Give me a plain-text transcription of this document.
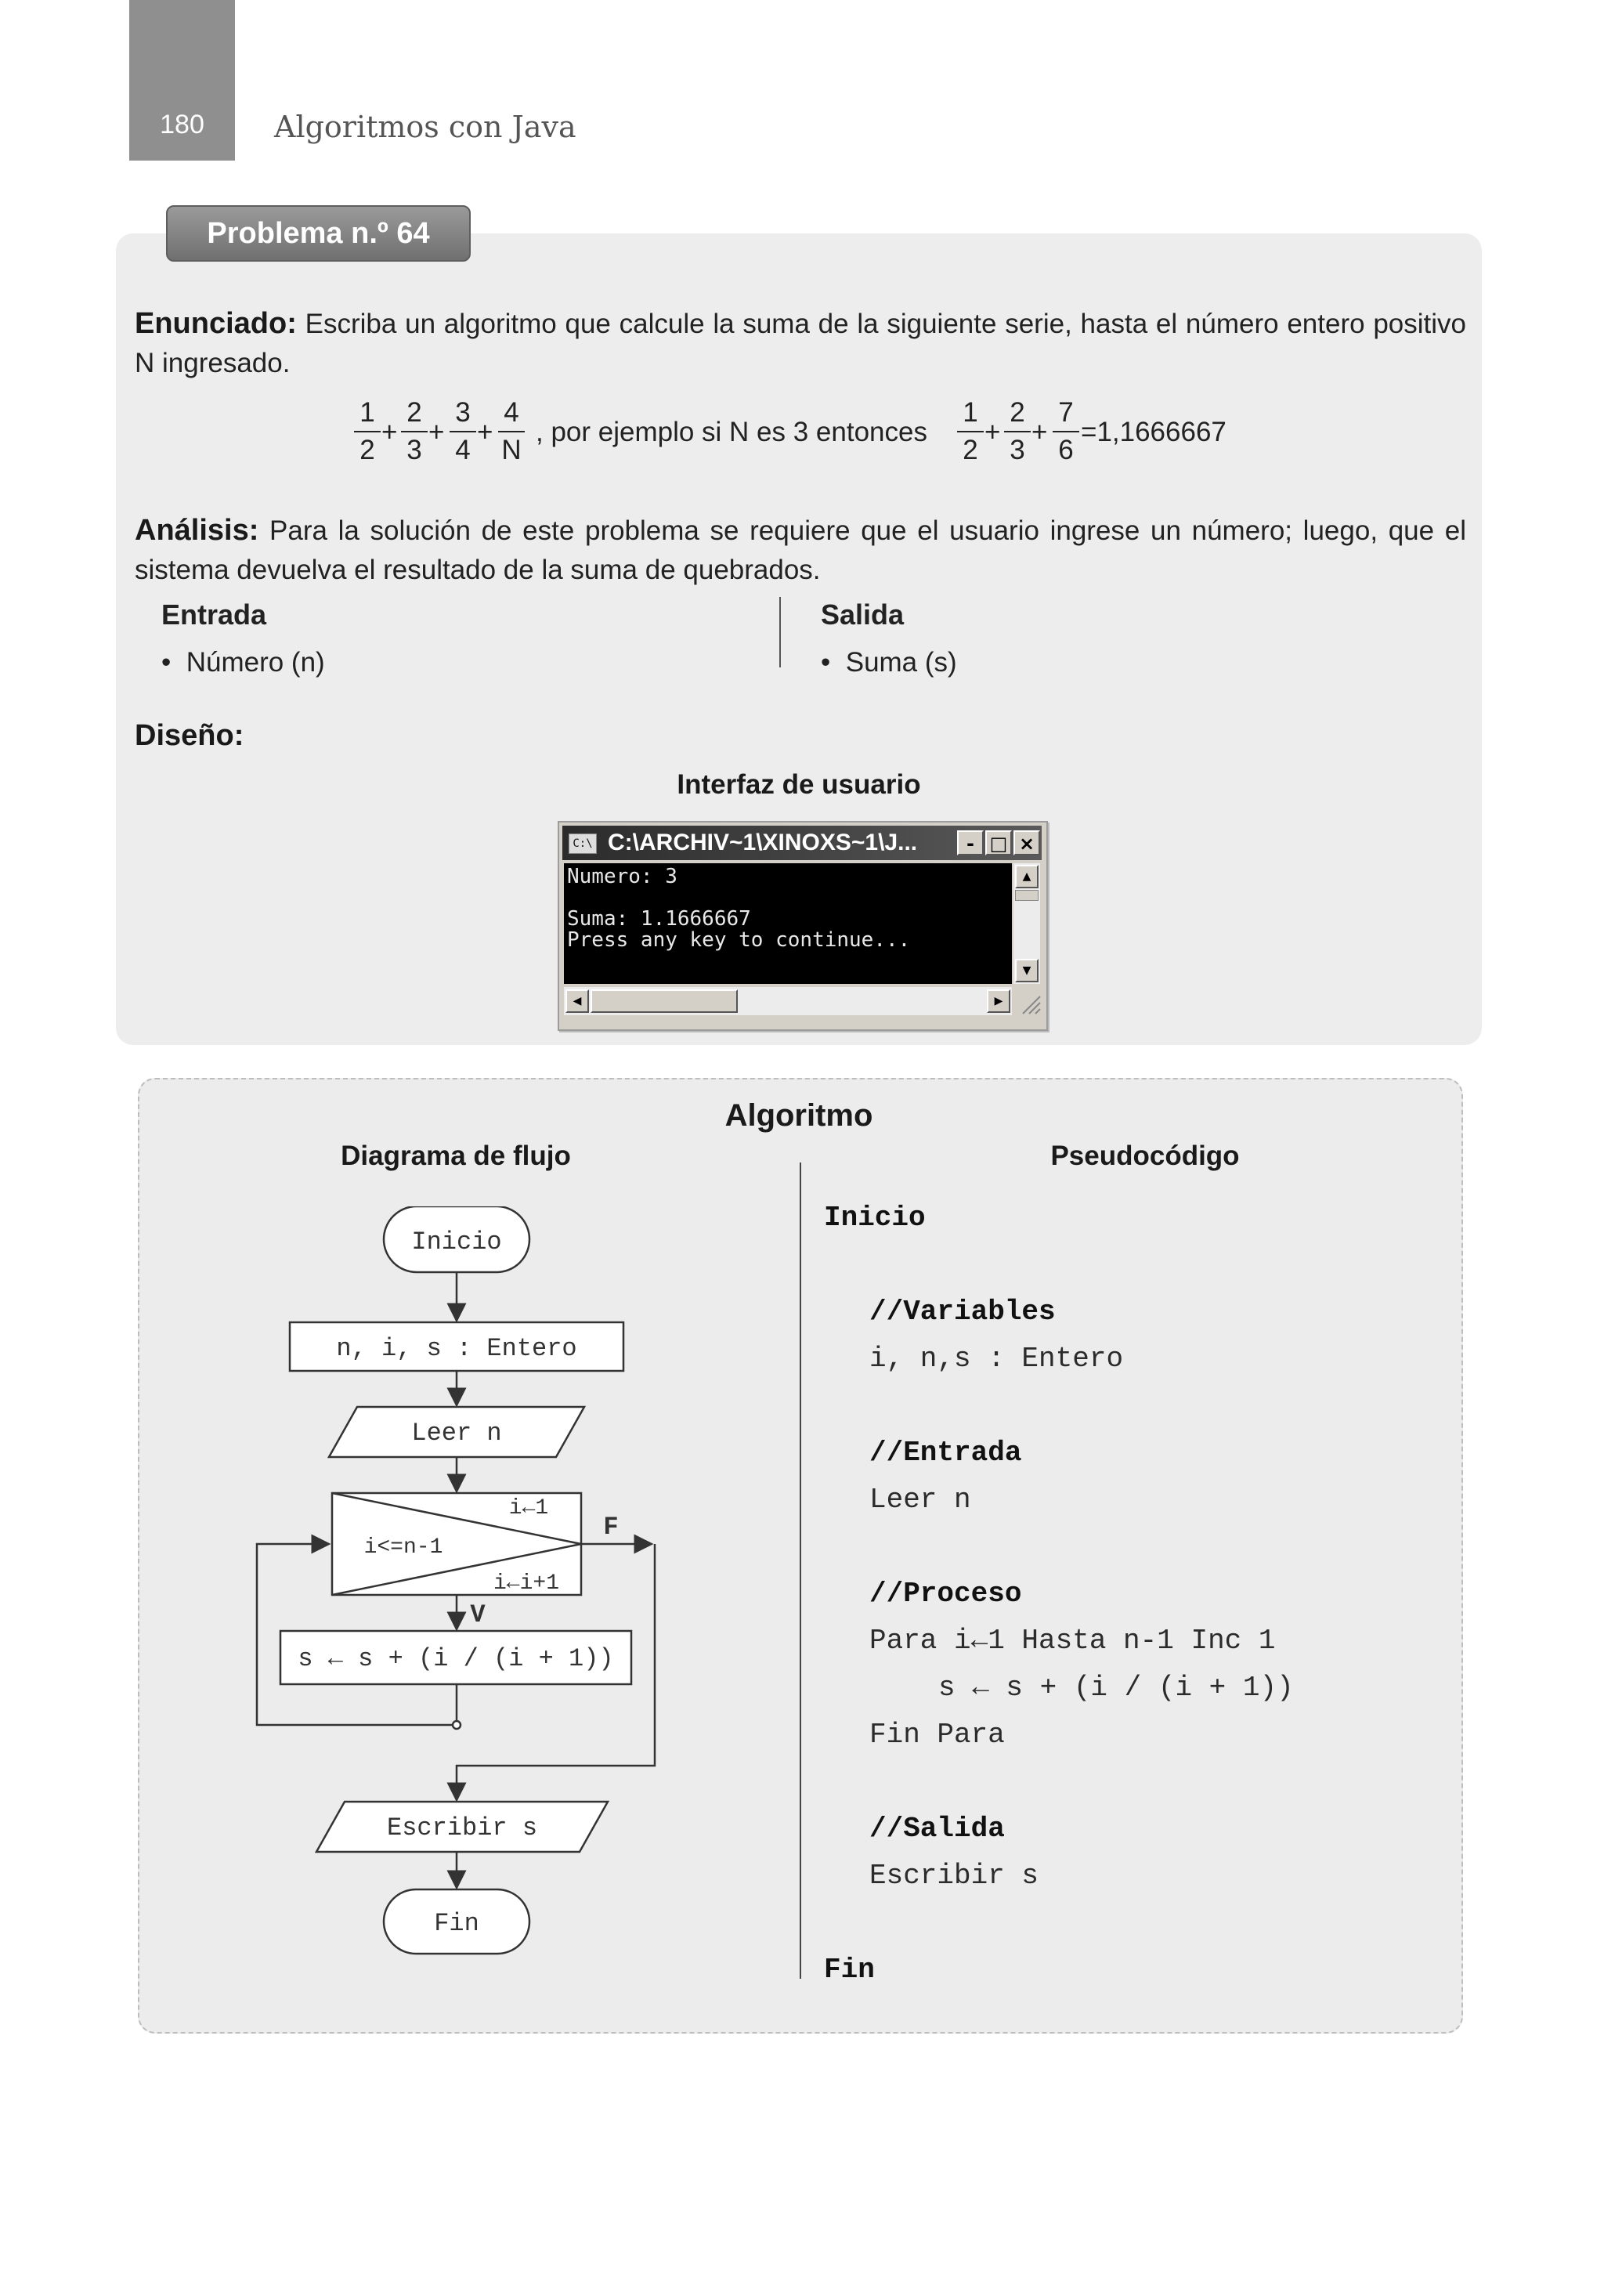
180	Algoritmos con Java
Problema n.º 64
Enunciado: Escriba un algoritmo que calcule la suma de la siguiente serie, hasta el número entero positivo N ingresado.
1
2
+
2
3
+
3
4
+
4
N
, por ejemplo si N es 3 entonces
1
2
+
2
3
+
7
6
=1,1666667
Análisis: Para la solución de este problema se requiere que el usuario ingrese un número; luego, que el sistema devuelva el resultado de la suma de quebrados.
Entrada
• Número (n)
Salida
• Suma (s)
Diseño:
Interfaz de usuario
C:\ C:\ARCHIV~1\XINOXS~1\J...	- □ ×
Numero: 3
Suma: 1.1666667
Press any key to continue...
▲
▼
◀	▶
Algoritmo
Diagrama de flujo	Pseudocódigo
Inicio
n, i, s : Entero
Leer n
i←1
i<=n-1
i←i+1
F
V
s ← s + (i / (i + 1))
Escribir s
Fin
Inicio
//Variables
i, n,s : Entero
//Entrada
Leer n
//Proceso
Para i←1 Hasta n-1 Inc 1
s ← s + (i / (i + 1))
Fin Para
//Salida
Escribir s
Fin
